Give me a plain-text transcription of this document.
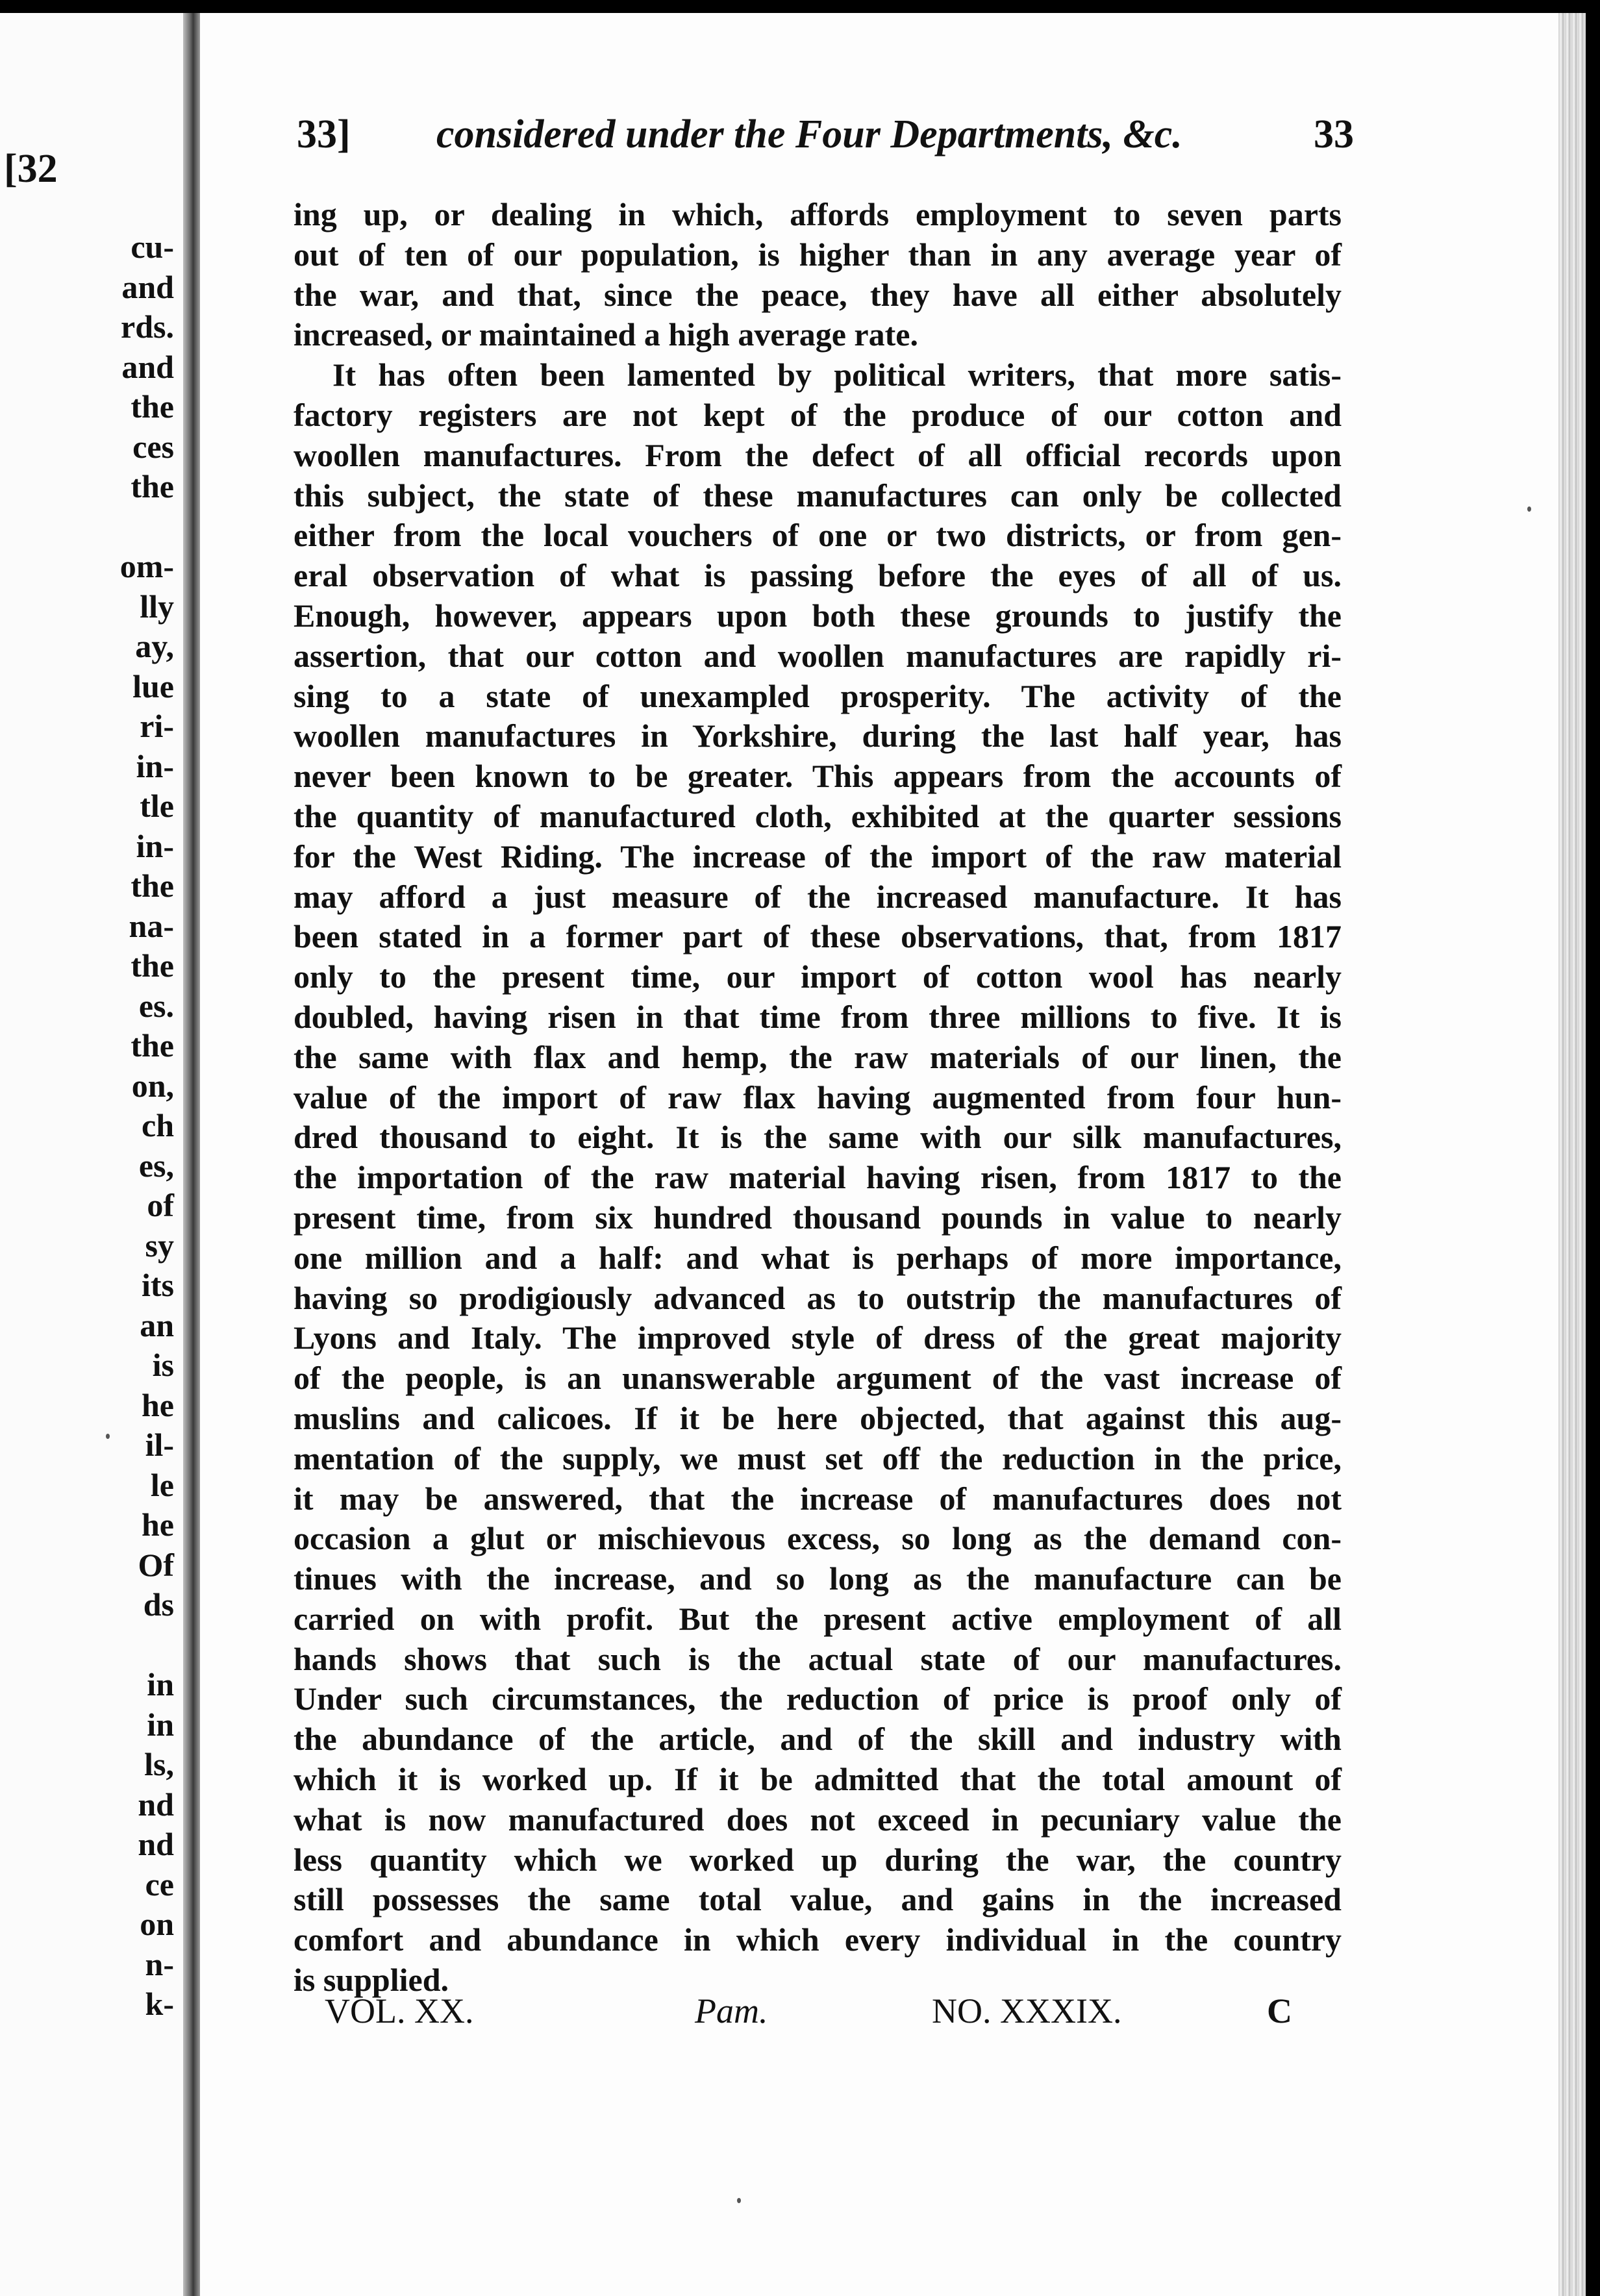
[32

cu-
and
rds.
and
the
ces
the
om-
lly
ay,
lue
ri-
in-
tle
in-
the
na-
the
es.
the
on,
ch
es,
of
sy
its
an
is
he
il-
le
he
Of
ds
in
in
ls,
nd
nd
ce
on
n-
k-
33] considered under the Four Departments, &c.	33
ing up, or dealing in which, affords employment to seven parts
out of ten of our population, is higher than in any average year of
the war, and that, since the peace, they have all either absolutely
increased, or maintained a high average rate.
It has often been lamented by political writers, that more satis-
factory registers are not kept of the produce of our cotton and
woollen manufactures. From the defect of all official records upon
this subject, the state of these manufactures can only be collected
either from the local vouchers of one or two districts, or from gen-
eral observation of what is passing before the eyes of all of us.
Enough, however, appears upon both these grounds to justify the
assertion, that our cotton and woollen manufactures are rapidly ri-
sing to a state of unexampled prosperity. The activity of the
woollen manufactures in Yorkshire, during the last half year, has
never been known to be greater. This appears from the accounts of
the quantity of manufactured cloth, exhibited at the quarter sessions
for the West Riding. The increase of the import of the raw material
may afford a just measure of the increased manufacture. It has
been stated in a former part of these observations, that, from 1817
only to the present time, our import of cotton wool has nearly
doubled, having risen in that time from three millions to five. It is
the same with flax and hemp, the raw materials of our linen, the
value of the import of raw flax having augmented from four hun-
dred thousand to eight. It is the same with our silk manufactures,
the importation of the raw material having risen, from 1817 to the
present time, from six hundred thousand pounds in value to nearly
one million and a half: and what is perhaps of more importance,
having so prodigiously advanced as to outstrip the manufactures of
Lyons and Italy. The improved style of dress of the great majority
of the people, is an unanswerable argument of the vast increase of
muslins and calicoes. If it be here objected, that against this aug-
mentation of the supply, we must set off the reduction in the price,
it may be answered, that the increase of manufactures does not
occasion a glut or mischievous excess, so long as the demand con-
tinues with the increase, and so long as the manufacture can be
carried on with profit. But the present active employment of all
hands shows that such is the actual state of our manufactures.
Under such circumstances, the reduction of price is proof only of
the abundance of the article, and of the skill and industry with
which it is worked up. If it be admitted that the total amount of
what is now manufactured does not exceed in pecuniary value the
less quantity which we worked up during the war, the country
still possesses the same total value, and gains in the increased
comfort and abundance in which every individual in the country
is supplied.
VOL. XX.	Pam.	NO. XXXIX.	C
